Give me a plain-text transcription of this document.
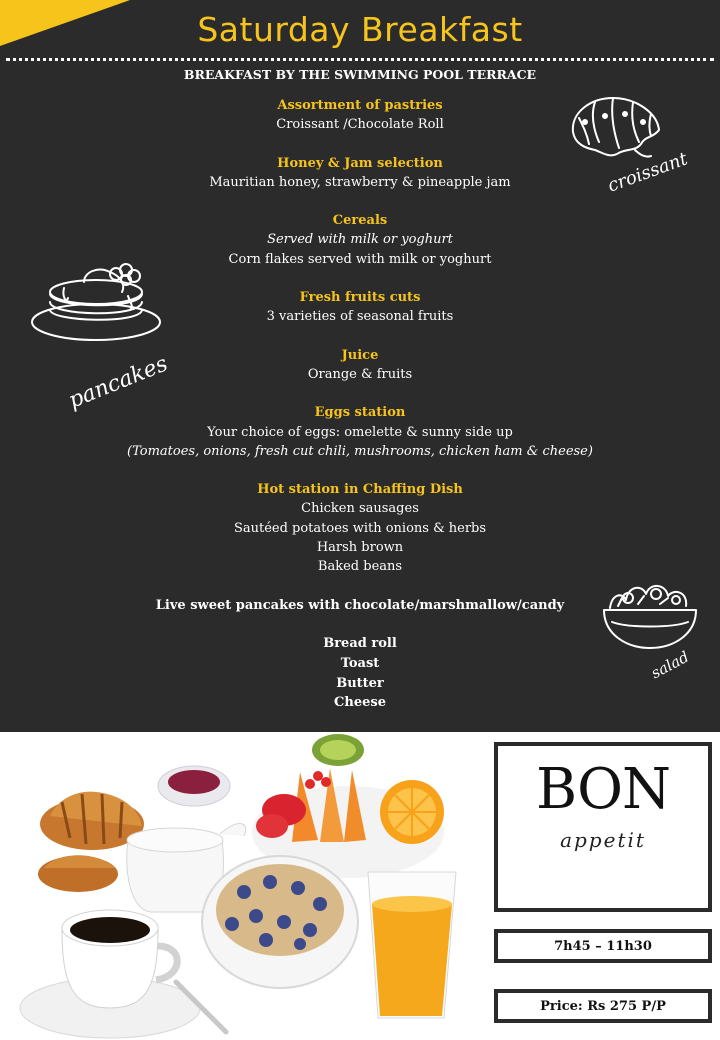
Saturday Breakfast
BREAKFAST BY THE SWIMMING POOL TERRACE
Assortment of pastries
Croissant /Chocolate Roll
Honey & Jam selection
Mauritian honey, strawberry & pineapple jam
Cereals
Served with milk or yoghurt
Corn flakes served with milk or yoghurt
Fresh fruits cuts
3 varieties of seasonal fruits
Juice
Orange & fruits
Eggs station
Your choice of eggs: omelette & sunny side up
(Tomatoes, onions, fresh cut chili, mushrooms, chicken ham & cheese)
Hot station in Chaffing Dish
Chicken sausages
Sautéed potatoes with onions & herbs
Harsh brown
Baked beans
Live sweet pancakes with chocolate/marshmallow/candy
Bread roll
Toast
Butter
Cheese
croissant
pancakes
salad
BON
appetit
7h45 – 11h30
Price: Rs 275 P/P
